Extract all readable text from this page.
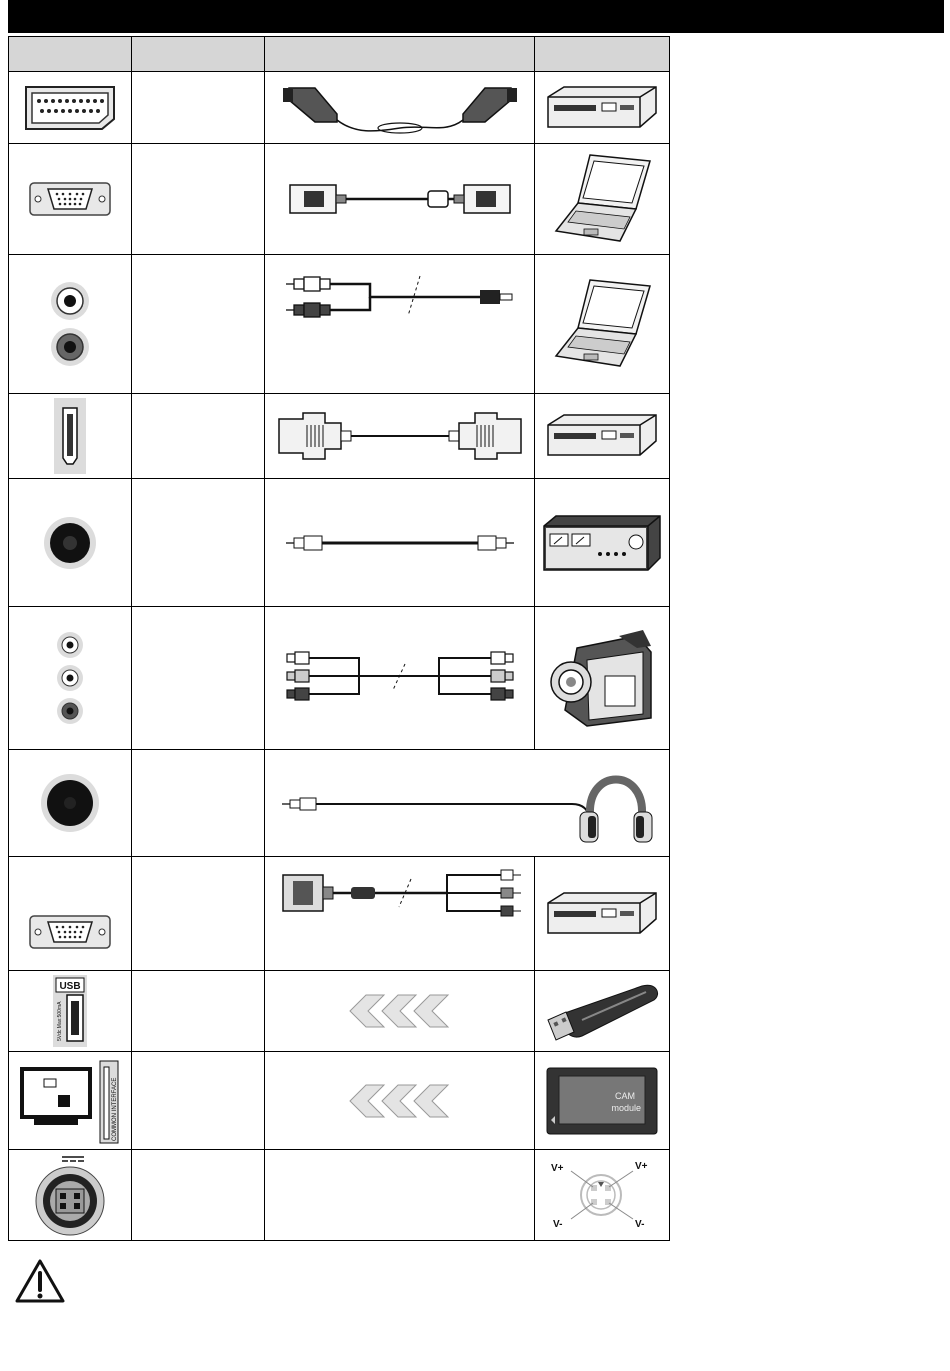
USB
5Vdc Max:500mA

COMMON INTERFACE			CAM
module

V+ V+
V- V-
